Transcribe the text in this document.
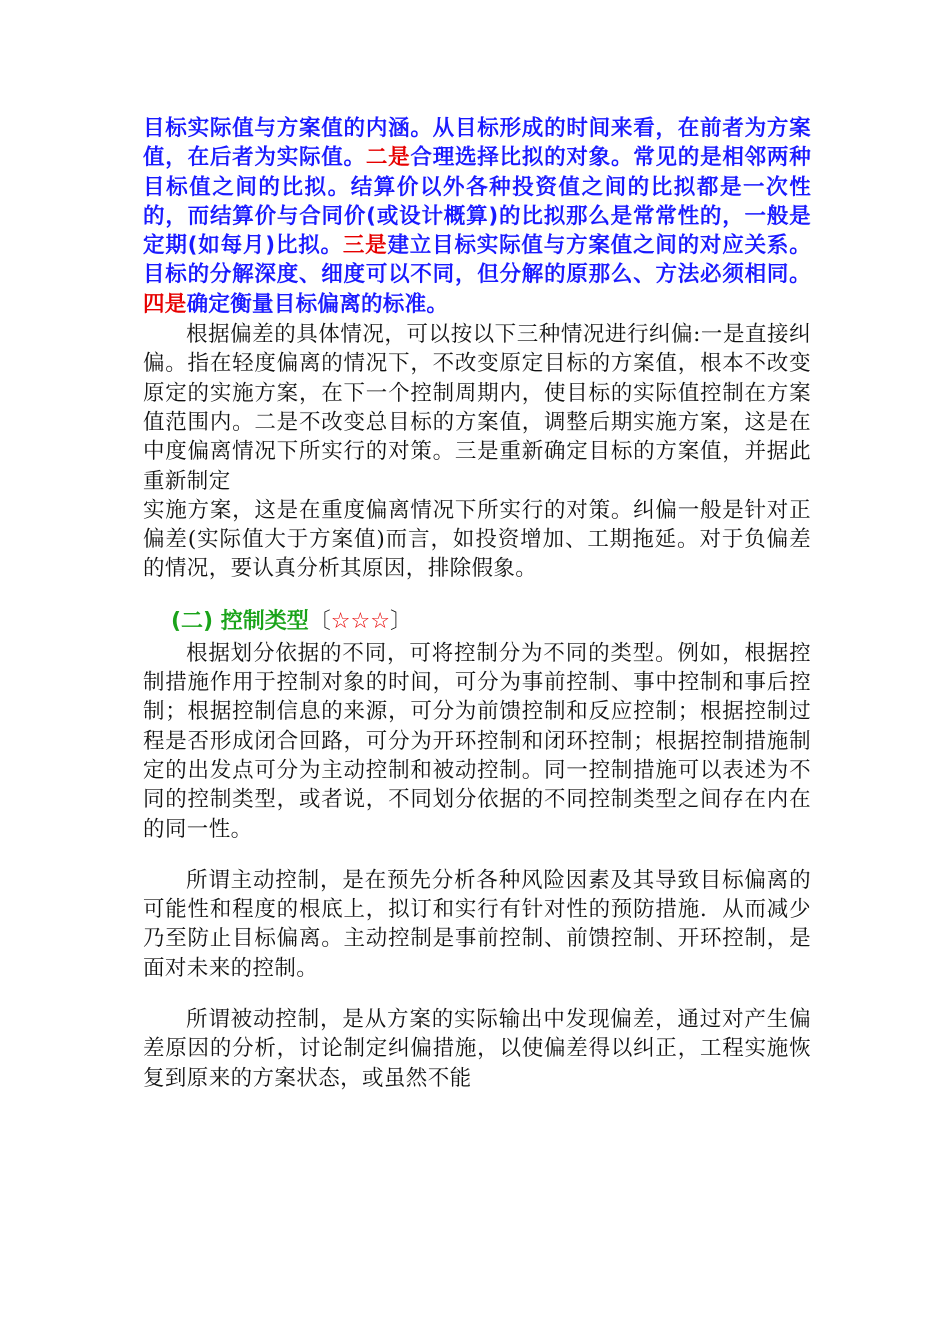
目标实际值与方案值的内涵。从目标形成的时间来看，在前者为方案值，在后者为实际值。二是合理选择比拟的对象。常见的是相邻两种目标值之间的比拟。结算价以外各种投资值之间的比拟都是一次性的，而结算价与合同价(或设计概算)的比拟那么是常常性的，一般是定期(如每月)比拟。三是建立目标实际值与方案值之间的对应关系。目标的分解深度、细度可以不同，但分解的原那么、方法必须相同。四是确定衡量目标偏离的标准。

根据偏差的具体情况，可以按以下三种情况进行纠偏:一是直接纠偏。指在轻度偏离的情况下，不改变原定目标的方案值，根本不改变原定的实施方案，在下一个控制周期内，使目标的实际值控制在方案值范围内。二是不改变总目标的方案值，调整后期实施方案，这是在中度偏离情况下所实行的对策。三是重新确定目标的方案值，并据此重新制定

实施方案，这是在重度偏离情况下所实行的对策。纠偏一般是针对正偏差(实际值大于方案值)而言，如投资增加、工期拖延。对于负偏差的情况，要认真分析其原因，排除假象。

(二) 控制类型〔☆☆☆〕

根据划分依据的不同，可将控制分为不同的类型。例如，根据控制措施作用于控制对象的时间，可分为事前控制、事中控制和事后控制；根据控制信息的来源，可分为前馈控制和反应控制；根据控制过程是否形成闭合回路，可分为开环控制和闭环控制；根据控制措施制定的出发点可分为主动控制和被动控制。同一控制措施可以表述为不同的控制类型，或者说，不同划分依据的不同控制类型之间存在内在的同一性。

所谓主动控制，是在预先分析各种风险因素及其导致目标偏离的可能性和程度的根底上，拟订和实行有针对性的预防措施．从而减少乃至防止目标偏离。主动控制是事前控制、前馈控制、开环控制，是面对未来的控制。

所谓被动控制，是从方案的实际输出中发现偏差，通过对产生偏差原因的分析，讨论制定纠偏措施，以使偏差得以纠正，工程实施恢复到原来的方案状态，或虽然不能
